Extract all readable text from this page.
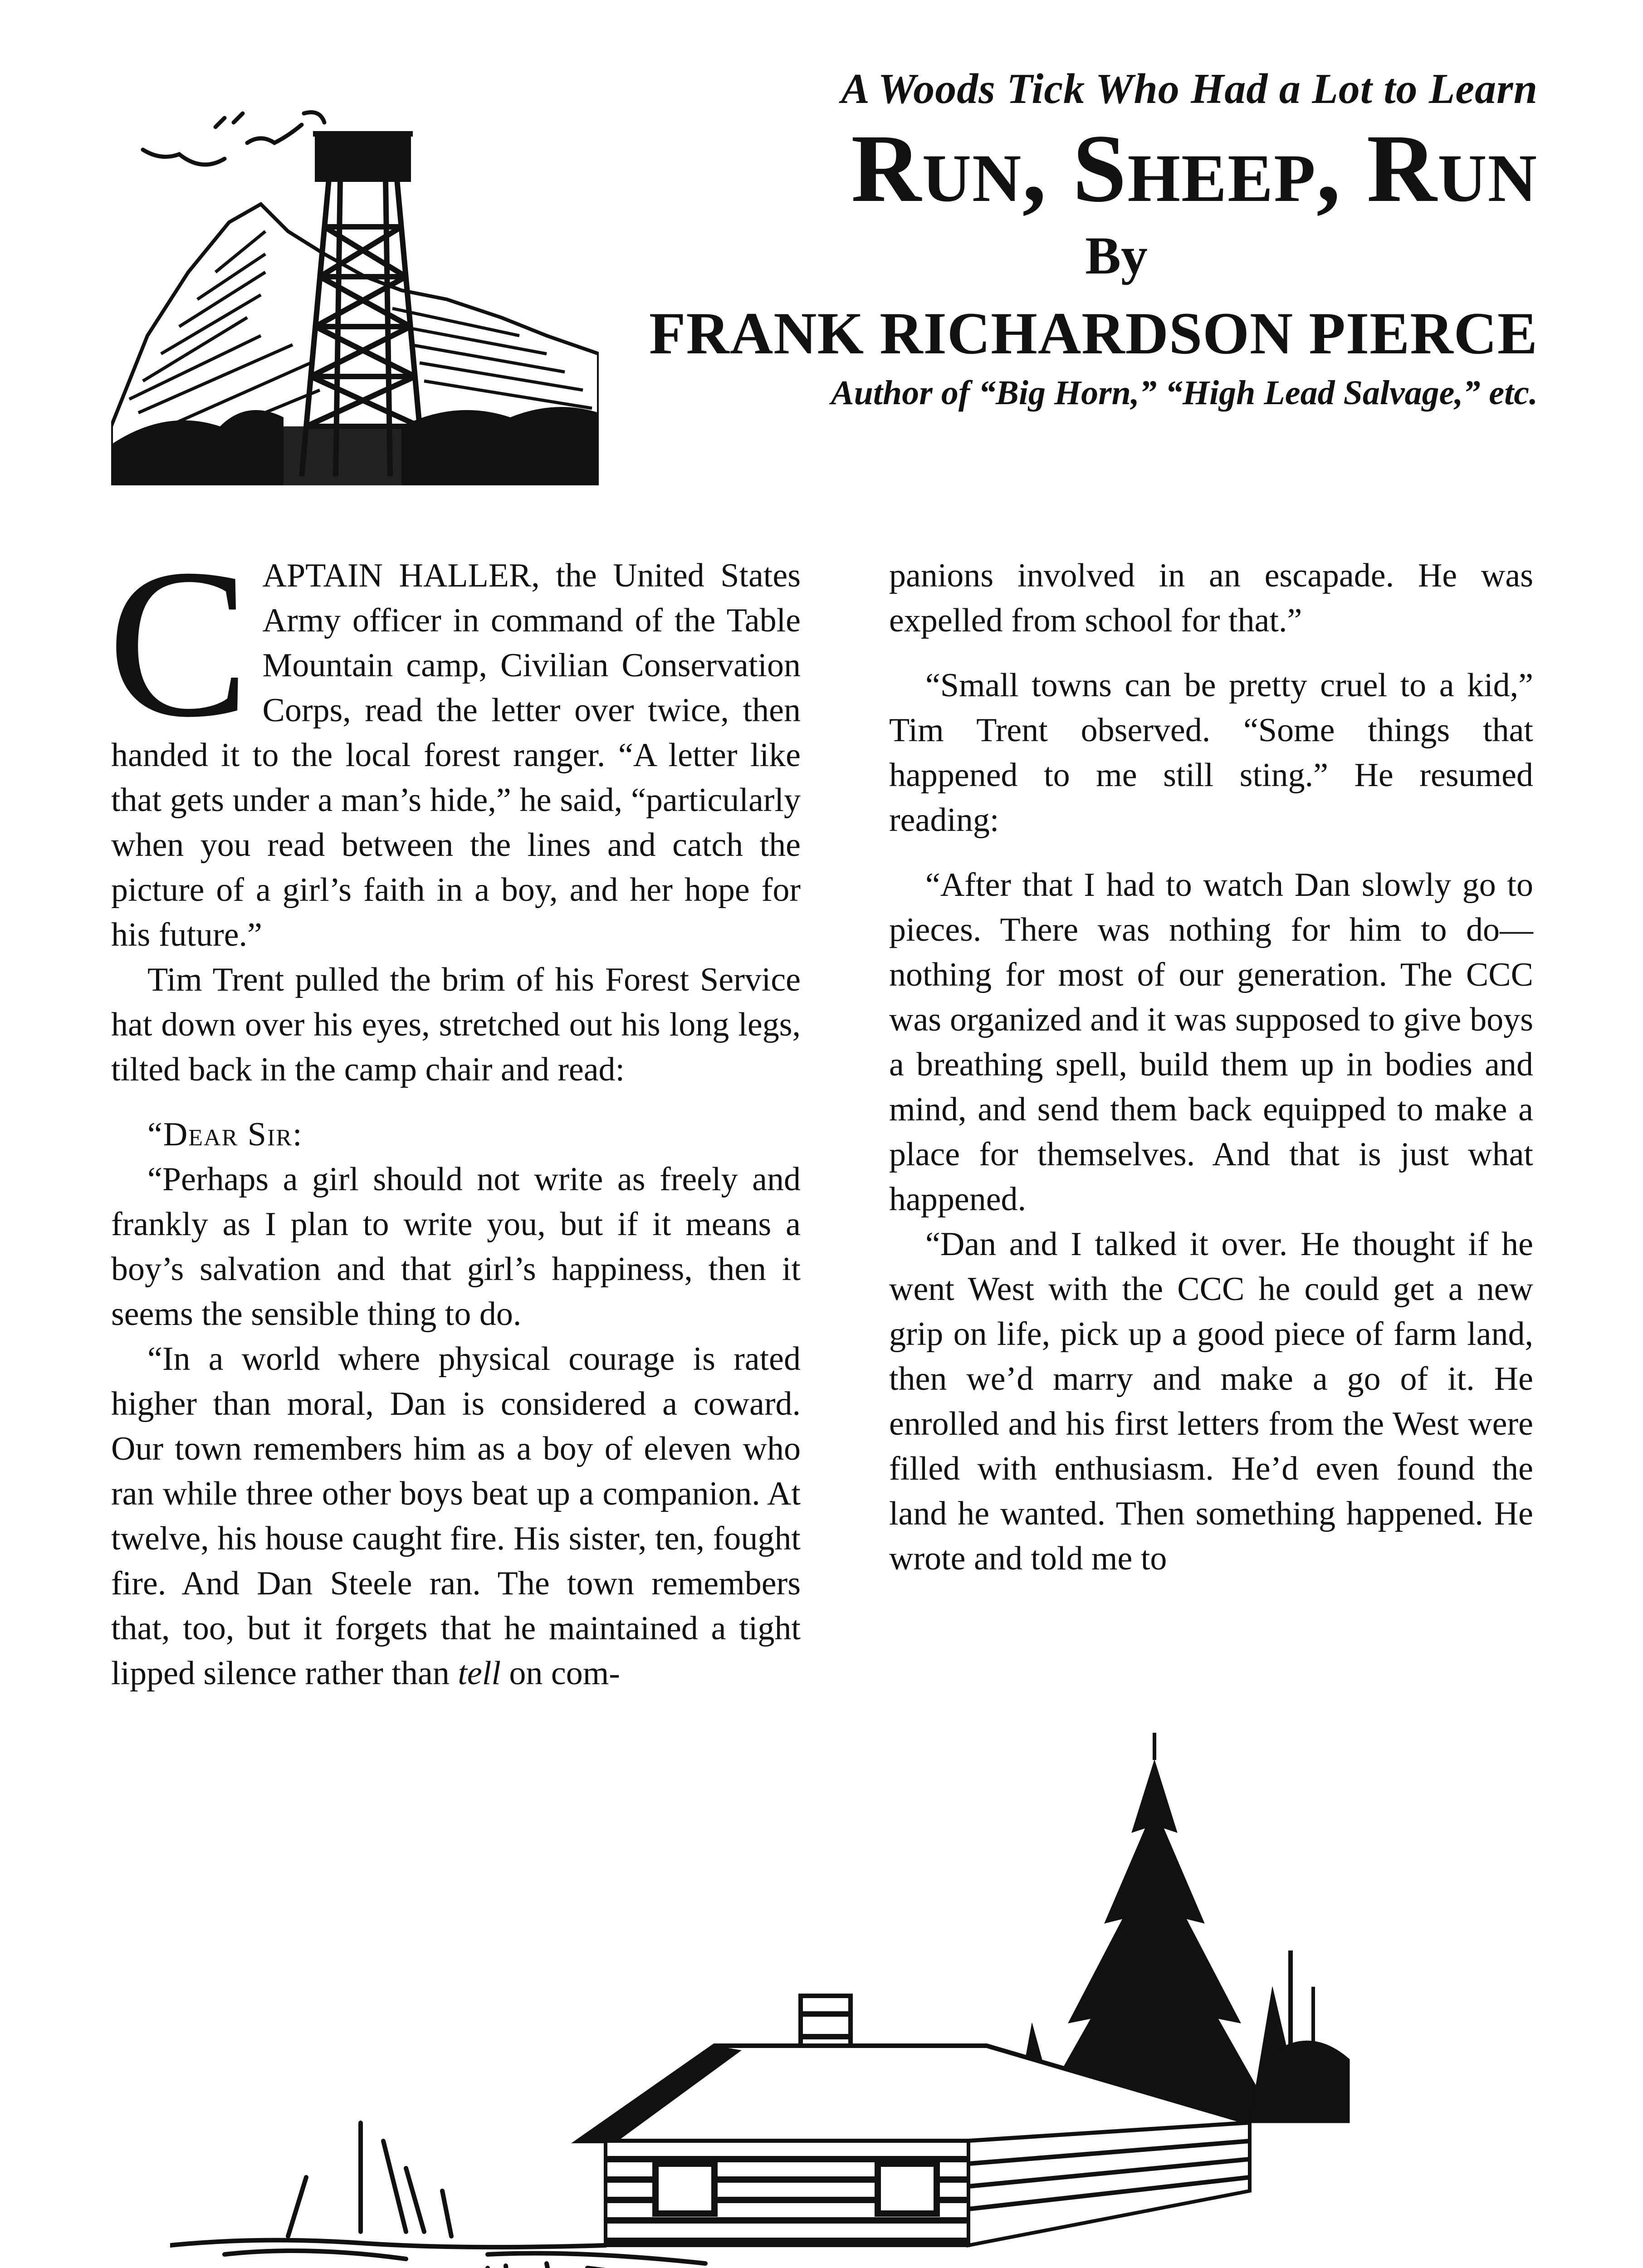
A Woods Tick Who Had a Lot to Learn
Run, Sheep, Run
By
FRANK RICHARDSON PIERCE
Author of “Big Horn,” “High Lead Salvage,” etc.

CAPTAIN HALLER, the United States Army officer in command of the Table Mountain camp, Civilian Conservation Corps, read the letter over twice, then handed it to the local forest ranger. “A letter like that gets under a man’s hide,” he said, “particularly when you read between the lines and catch the picture of a girl’s faith in a boy, and her hope for his future.”

Tim Trent pulled the brim of his Forest Service hat down over his eyes, stretched out his long legs, tilted back in the camp chair and read:

“Dear Sir:

“Perhaps a girl should not write as freely and frankly as I plan to write you, but if it means a boy’s salvation and that girl’s happiness, then it seems the sensible thing to do.

“In a world where physical courage is rated higher than moral, Dan is considered a coward. Our town remembers him as a boy of eleven who ran while three other boys beat up a companion. At twelve, his house caught fire. His sister, ten, fought fire. And Dan Steele ran. The town remembers that, too, but it forgets that he maintained a tight lipped silence rather than tell on com-

panions involved in an escapade. He was expelled from school for that.”

“Small towns can be pretty cruel to a kid,” Tim Trent observed. “Some things that happened to me still sting.” He resumed reading:

“After that I had to watch Dan slowly go to pieces. There was nothing for him to do—nothing for most of our generation. The CCC was organized and it was supposed to give boys a breathing spell, build them up in bodies and mind, and send them back equipped to make a place for themselves. And that is just what happened.

“Dan and I talked it over. He thought if he went West with the CCC he could get a new grip on life, pick up a good piece of farm land, then we’d marry and make a go of it. He enrolled and his first letters from the West were filled with enthusiasm. He’d even found the land he wanted. Then something happened. He wrote and told me to
